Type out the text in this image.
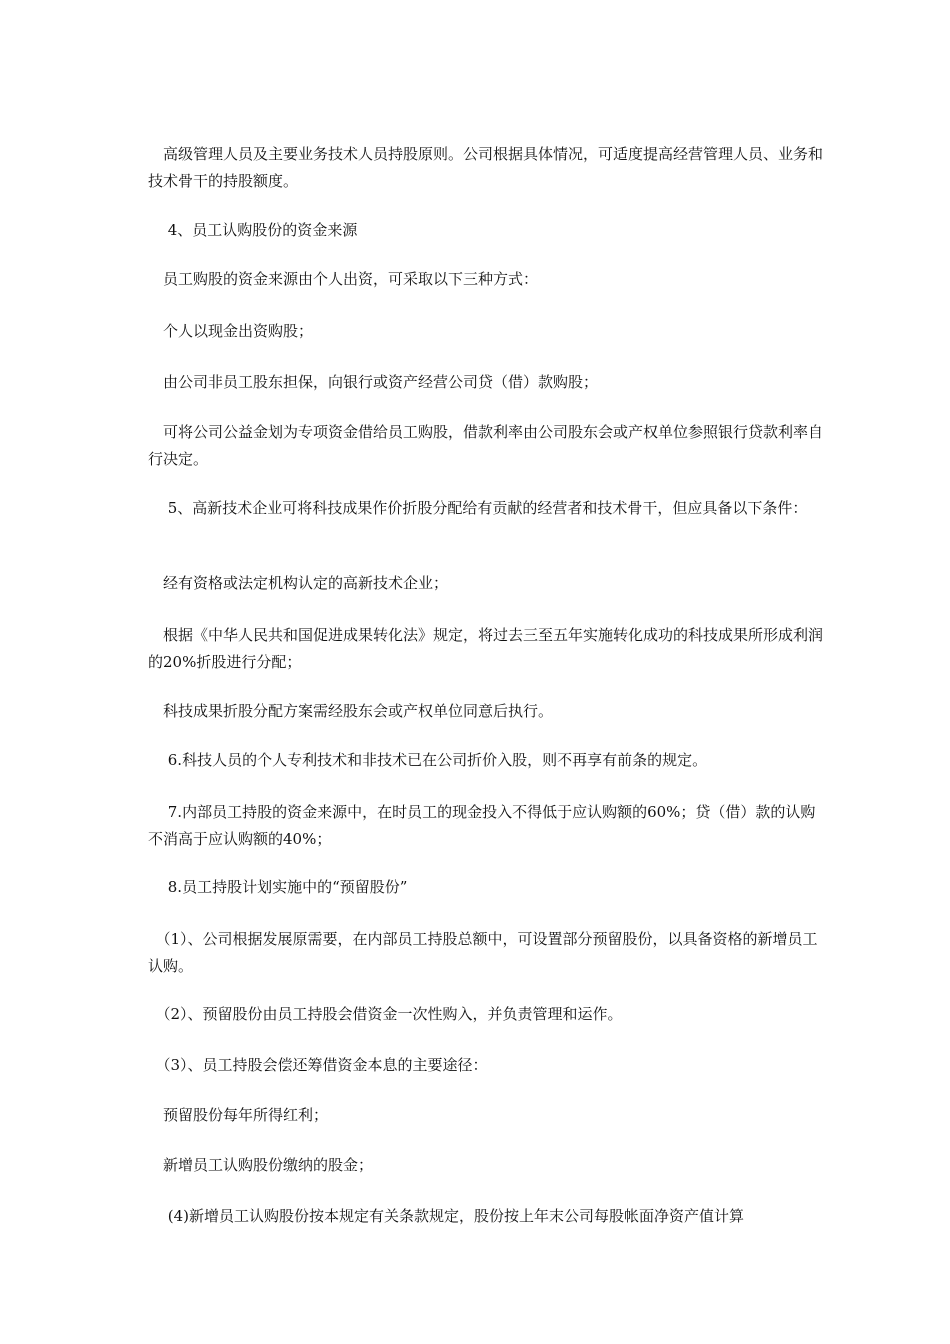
　高级管理人员及主要业务技术人员持股原则。公司根据具体情况，可适度提高经营管理人员、业务和技术骨干的持股额度。

　 4、员工认购股份的资金来源

　员工购股的资金来源由个人出资，可采取以下三种方式：

　个人以现金出资购股；

　由公司非员工股东担保，向银行或资产经营公司贷（借）款购股；

　可将公司公益金划为专项资金借给员工购股，借款利率由公司股东会或产权单位参照银行贷款利率自行决定。

　 5、高新技术企业可将科技成果作价折股分配给有贡献的经营者和技术骨干，但应具备以下条件：

　经有资格或法定机构认定的高新技术企业；

　根据《中华人民共和国促进成果转化法》规定，将过去三至五年实施转化成功的科技成果所形成利润的20%折股进行分配；

　科技成果折股分配方案需经股东会或产权单位同意后执行。

　 6.科技人员的个人专利技术和非技术已在公司折价入股，则不再享有前条的规定。

　 7.内部员工持股的资金来源中，在时员工的现金投入不得低于应认购额的60%；贷（借）款的认购不消高于应认购额的40%；

　 8.员工持股计划实施中的“预留股份”

　（1）、公司根据发展原需要，在内部员工持股总额中，可设置部分预留股份，以具备资格的新增员工认购。

　（2）、预留股份由员工持股会借资金一次性购入，并负责管理和运作。

　（3）、员工持股会偿还筹借资金本息的主要途径：

　预留股份每年所得红利；

　新增员工认购股份缴纳的股金；

　 (4)新增员工认购股份按本规定有关条款规定，股份按上年末公司每股帐面净资产值计算
